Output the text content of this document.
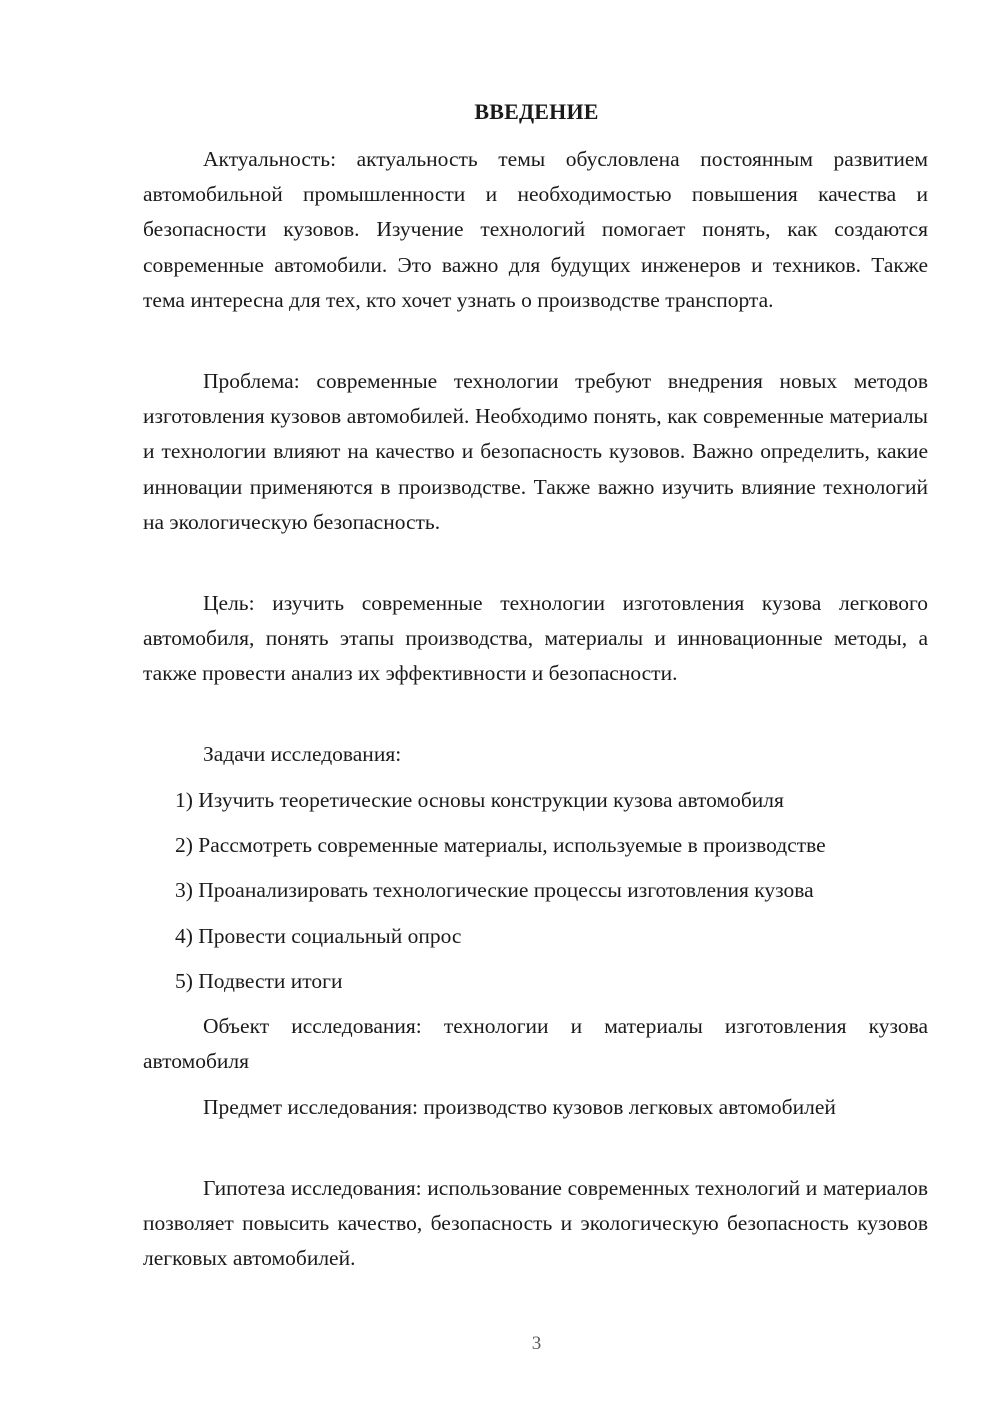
ВВЕДЕНИЕ

Актуальность: актуальность темы обусловлена постоянным развитием автомобильной промышленности и необходимостью повышения качества и безопасности кузовов. Изучение технологий помогает понять, как создаются современные автомобили. Это важно для будущих инженеров и техников. Также тема интересна для тех, кто хочет узнать о производстве транспорта.

Проблема: современные технологии требуют внедрения новых методов изготовления кузовов автомобилей. Необходимо понять, как современные материалы и технологии влияют на качество и безопасность кузовов. Важно определить, какие инновации применяются в производстве. Также важно изучить влияние технологий на экологическую безопасность.

Цель: изучить современные технологии изготовления кузова легкового автомобиля, понять этапы производства, материалы и инновационные методы, а также провести анализ их эффективности и безопасности.

Задачи исследования:
1) Изучить теоретические основы конструкции кузова автомобиля
2) Рассмотреть современные материалы, используемые в производстве
3) Проанализировать технологические процессы изготовления кузова
4) Провести социальный опрос
5) Подвести итоги

Объект исследования: технологии и материалы изготовления кузова автомобиля

Предмет исследования: производство кузовов легковых автомобилей

Гипотеза исследования: использование современных технологий и материалов позволяет повысить качество, безопасность и экологическую безопасность кузовов легковых автомобилей.

3
